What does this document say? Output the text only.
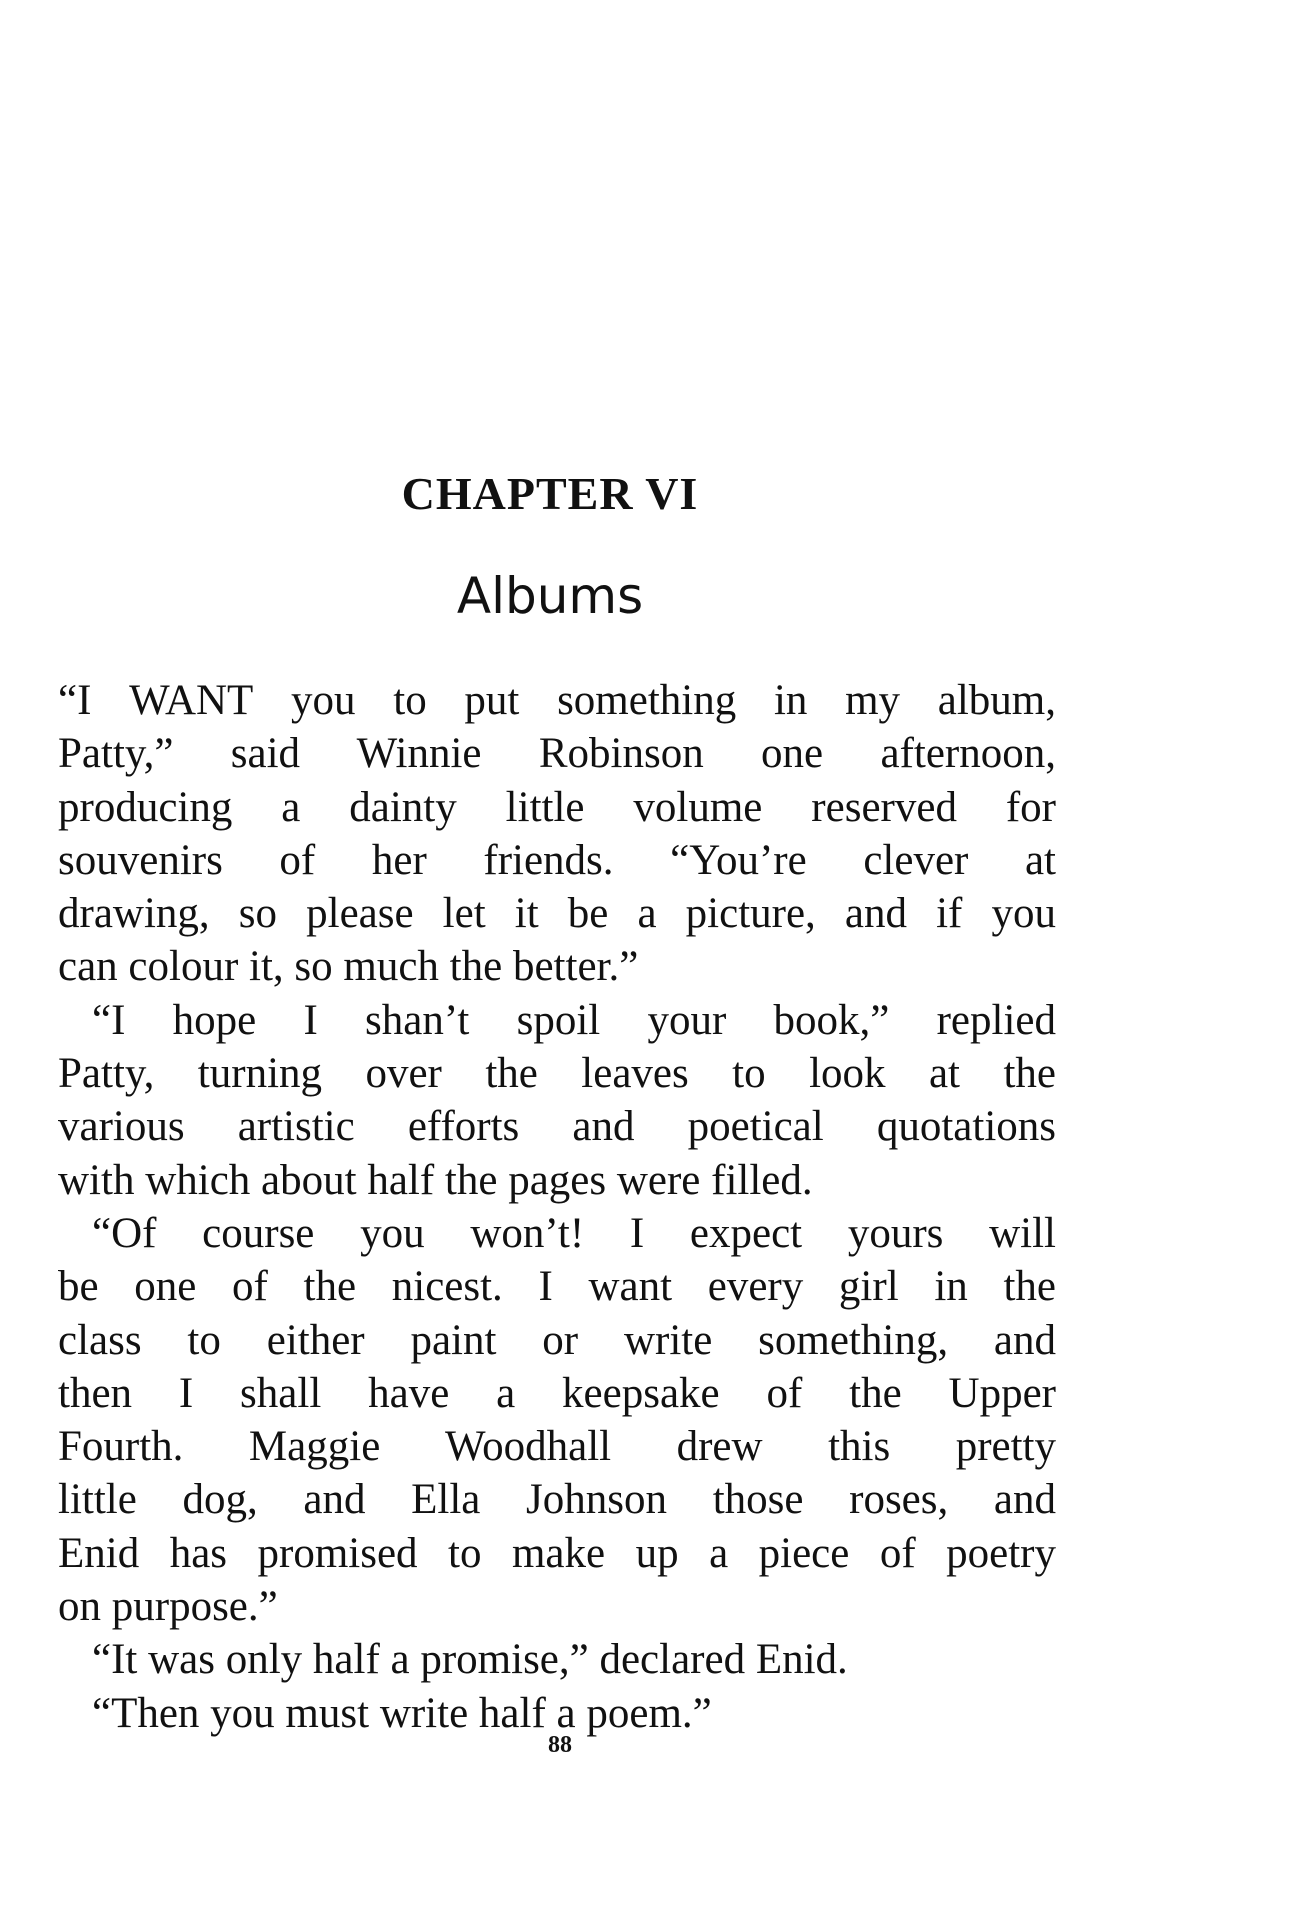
CHAPTER VI
Albums

“I WANT you to put something in my album,
Patty,” said Winnie Robinson one afternoon,
producing a dainty little volume reserved for
souvenirs of her friends. “You’re clever at
drawing, so please let it be a picture, and if you
can colour it, so much the better.”

“I hope I shan’t spoil your book,” replied
Patty, turning over the leaves to look at the
various artistic efforts and poetical quotations
with which about half the pages were filled.

“Of course you won’t! I expect yours will
be one of the nicest. I want every girl in the
class to either paint or write something, and
then I shall have a keepsake of the Upper
Fourth. Maggie Woodhall drew this pretty
little dog, and Ella Johnson those roses, and
Enid has promised to make up a piece of poetry
on purpose.”

“It was only half a promise,” declared Enid.

“Then you must write half a poem.”

88
